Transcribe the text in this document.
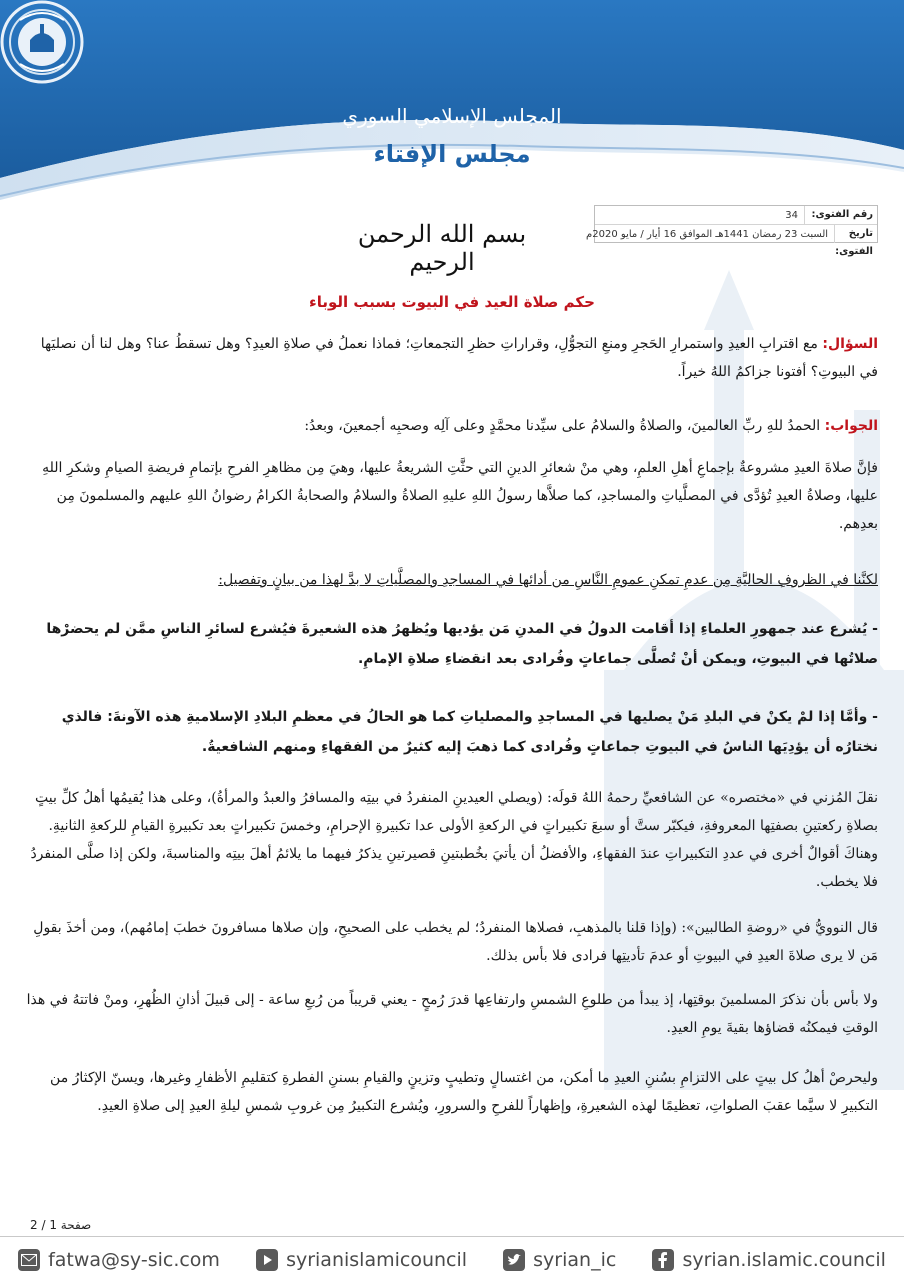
المجلس الإسلامي السوري
مجلس الإفتاء
رقم الفتوى:
34
تاريخ الفتوى:
السبت 23 رمضان 1441هـ الموافق 16 أيار / مايو 2020م
بسم الله الرحمن الرحيم
حكم صلاة العيد في البيوت بسبب الوباء
السؤال: مع اقترابِ العيدِ واستمرارِ الحَجرِ ومنعِ التجوُّلِ، وقراراتِ حظرِ التجمعاتِ؛ فماذا نعملُ في صلاةِ العيدِ؟ وهل تسقطُ عنا؟ وهل لنا أن نصليَها في البيوتِ؟ أفتونا جزاكمُ اللهُ خيراً.
الجواب: الحمدُ للهِ ربِّ العالمينَ، والصلاةُ والسلامُ على سيِّدنا محمَّدٍ وعلى آلِه وصحبِه أجمعينَ، وبعدُ:
فإنَّ صلاةَ العيدِ مشروعةٌ بإجماعِ أهلِ العلمِ، وهي منْ شعائرِ الدينِ التي حثَّتِ الشريعةُ عليها، وهيَ مِن مظاهرِ الفرحِ بإتمامِ فريضةِ الصيامِ وشكرِ اللهِ عليها، وصلاةُ العيدِ تُؤدَّى في المصلَّياتِ والمساجدِ، كما صلاَّها رسولُ اللهِ عليهِ الصلاةُ والسلامُ والصحابةُ الكرامُ رضوانُ اللهِ عليهم والمسلمونَ مِن بعدِهم.
لكنَّنا في الظروفِ الحاليَّةِ مِن عدمِ تمكنِ عمومِ النَّاسِ من أدائها في المساجدِ والمصلَّياتِ لا بدَّ لهذا من بيانٍ وتفصيل:
- يُشرع عند جمهورِ العلماءِ إذا أقامت الدولُ في المدنِ مَن يؤديها ويُظهرُ هذه الشعيرةَ فيُشرع لسائرِ الناسِ ممَّن لم يحضرْها صلاتُها في البيوتِ، ويمكن أنْ تُصلَّى جماعاتٍ وفُرادى بعد انقضاءِ صلاةِ الإمامِ.
- وأمَّا إذا لمْ يكنْ في البلدِ مَنْ يصليها في المساجدِ والمصلياتِ كما هو الحالُ في معظمِ البلادِ الإسلاميةِ هذه الآونةَ: فالذي نختارُه أن يؤدِيَها الناسُ في البيوتِ جماعاتٍ وفُرادى كما ذهبَ إليه كثيرٌ من الفقهاءِ ومنهم الشافعيةُ.
نقلَ المُزني في «مختصره» عن الشافعيِّ رحمهُ اللهُ قولَه: (ويصلي العيدينِ المنفردُ في بيتِه والمسافرُ والعبدُ والمرأةُ)، وعلى هذا يُقيمُها أهلُ كلِّ بيتٍ بصلاةِ ركعتينِ بصفتِها المعروفةِ، فيكبّر ستَّ أو سبعَ تكبيراتٍ في الركعةِ الأولى عدا تكبيرةِ الإحرامِ، وخمسَ تكبيراتٍ بعد تكبيرةِ القيامِ للركعةِ الثانيةِ. وهناكَ أقوالٌ أخرى في عددِ التكبيراتِ عندَ الفقهاءِ، والأفضلُ أن يأتيَ بخُطبتينِ قصيرتينِ يذكرُ فيهما ما يلائمُ أهلَ بيتِه والمناسبةَ، ولكن إذا صلَّى المنفردُ فلا يخطب.
قال النوويُّ في «روضةِ الطالبين»: (وإذا قلنا بالمذهبِ، فصلاها المنفردُ؛ لم يخطب على الصحيحِ، وإن صلاها مسافرونَ خطبَ إمامُهم)، ومن أخذَ بقولِ مَن لا يرى صلاةَ العيدِ في البيوتِ أو عدمَ تأديتِها فرادى فلا بأس بذلك.
ولا بأس بأن نذكرَ المسلمينَ بوقتِها، إذ يبدأ من طلوعِ الشمسِ وارتفاعِها قدرَ رُمحٍ - يعني قريباً من رُبعِ ساعة - إلى قبيلَ أذانِ الظُهرِ، ومنْ فاتتهُ في هذا الوقتِ فيمكنُه قضاؤها بقيةَ يومِ العيدِ.
وليحرصْ أهلُ كل بيتٍ على الالتزامِ بسُننِ العيدِ ما أمكن، من اغتسالٍ وتطيبٍ وتزينٍ والقيامِ بسننِ الفطرةِ كتقليمِ الأظفارِ وغيرها، ويسنّ الإكثارُ من التكبيرِ لا سيَّما عقبَ الصلواتِ، تعظيمًا لهذه الشعيرةِ، وإظهاراً للفرحِ والسرورِ، ويُشرع التكبيرُ مِن غروبِ شمسِ ليلةِ العيدِ إلى صلاةِ العيدِ.
صفحة 1 / 2
fatwa@sy-sic.com	syrianislamicouncil	syrian_ic	syrian.islamic.council
